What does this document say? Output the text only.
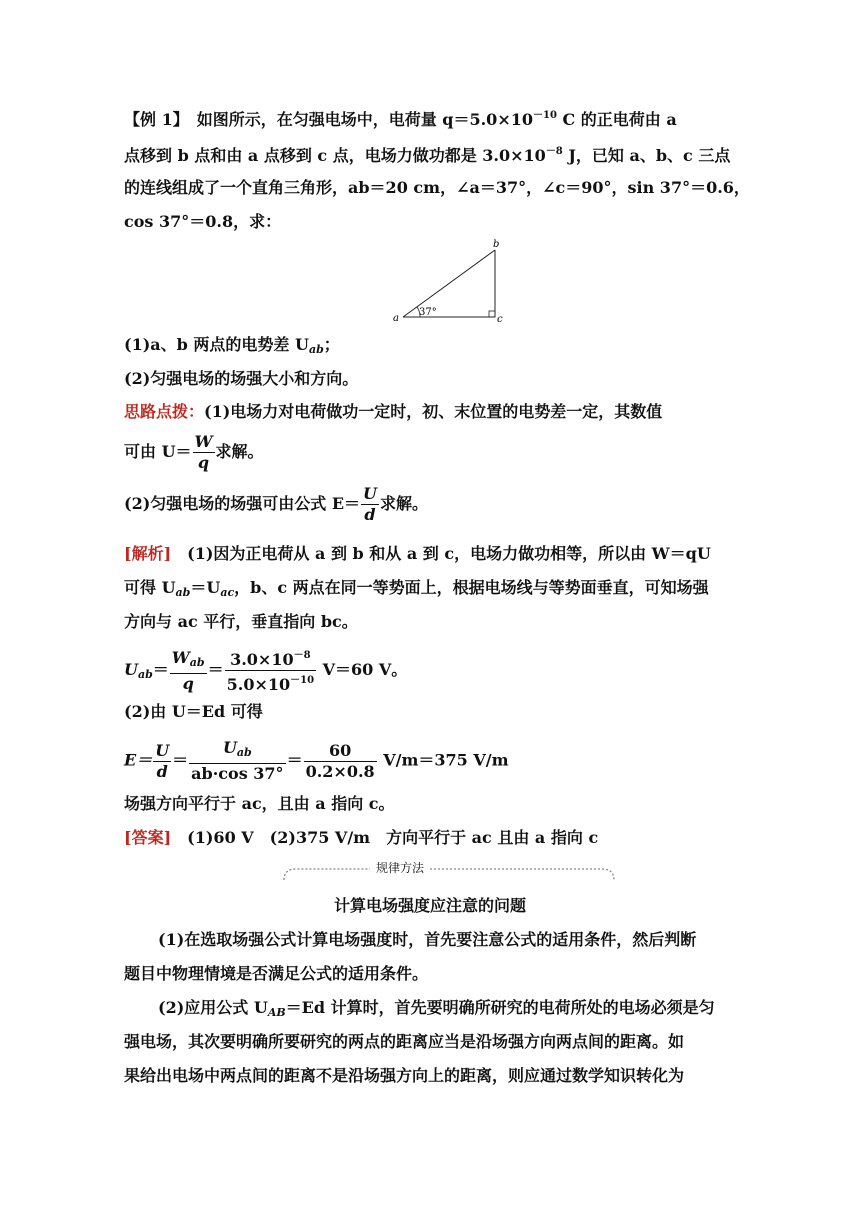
【例 1】　如图所示，在匀强电场中，电荷量 $q=5.0\times 10^{-10}$ C 的正电荷由 a
点移到 b 点和由 a 点移到 c 点，电场力做功都是 $3.0\times 10^{-8}$ J，已知 a、b、c 三点
的连线组成了一个直角三角形，ab＝20 cm，∠a＝37°，∠c＝90°，sin 37°＝0.6，
cos 37°＝0.8，求：
a
b
c
37°
(1)a、b 两点的电势差 $U_{ab}$；
(2)匀强电场的场强大小和方向。
思路点拨：(1)电场力对电荷做功一定时，初、末位置的电势差一定，其数值
可由 $U= \frac{W}{q}$ 求解。
(2)匀强电场的场强可由公式 $E= \frac{U}{d}$ 求解。
[解析]　(1)因为正电荷从 a 到 b 和从 a 到 c，电场力做功相等，所以由 W＝qU
可得 $U_{ab}=U_{ac}$，b、c 两点在同一等势面上，根据电场线与等势面垂直，可知场强
方向与 ac 平行，垂直指向 bc。
$U_{ab}= \frac{W_{ab}}{q} = \frac{3.0\times 10^{-8}}{5.0\times 10^{-10}} V=60$ V。
(2)由 U＝Ed 可得
$E= \frac{U}{d} = \frac{U_{ab}}{ab\cdot\cos 37^\circ} = \frac{60}{0.2\times 0.8} V/m=375$ V/m
场强方向平行于 ac，且由 a 指向 c。
[答案]　(1)60 V　(2)375 V/m　方向平行于 ac 且由 a 指向 c
规律方法
计算电场强度应注意的问题
(1)在选取场强公式计算电场强度时，首先要注意公式的适用条件，然后判断
题目中物理情境是否满足公式的适用条件。
(2)应用公式 $U_{AB}=Ed$ 计算时，首先要明确所研究的电荷所处的电场必须是匀
强电场，其次要明确所要研究的两点的距离应当是沿场强方向两点间的距离。如
果给出电场中两点间的距离不是沿场强方向上的距离，则应通过数学知识转化为
